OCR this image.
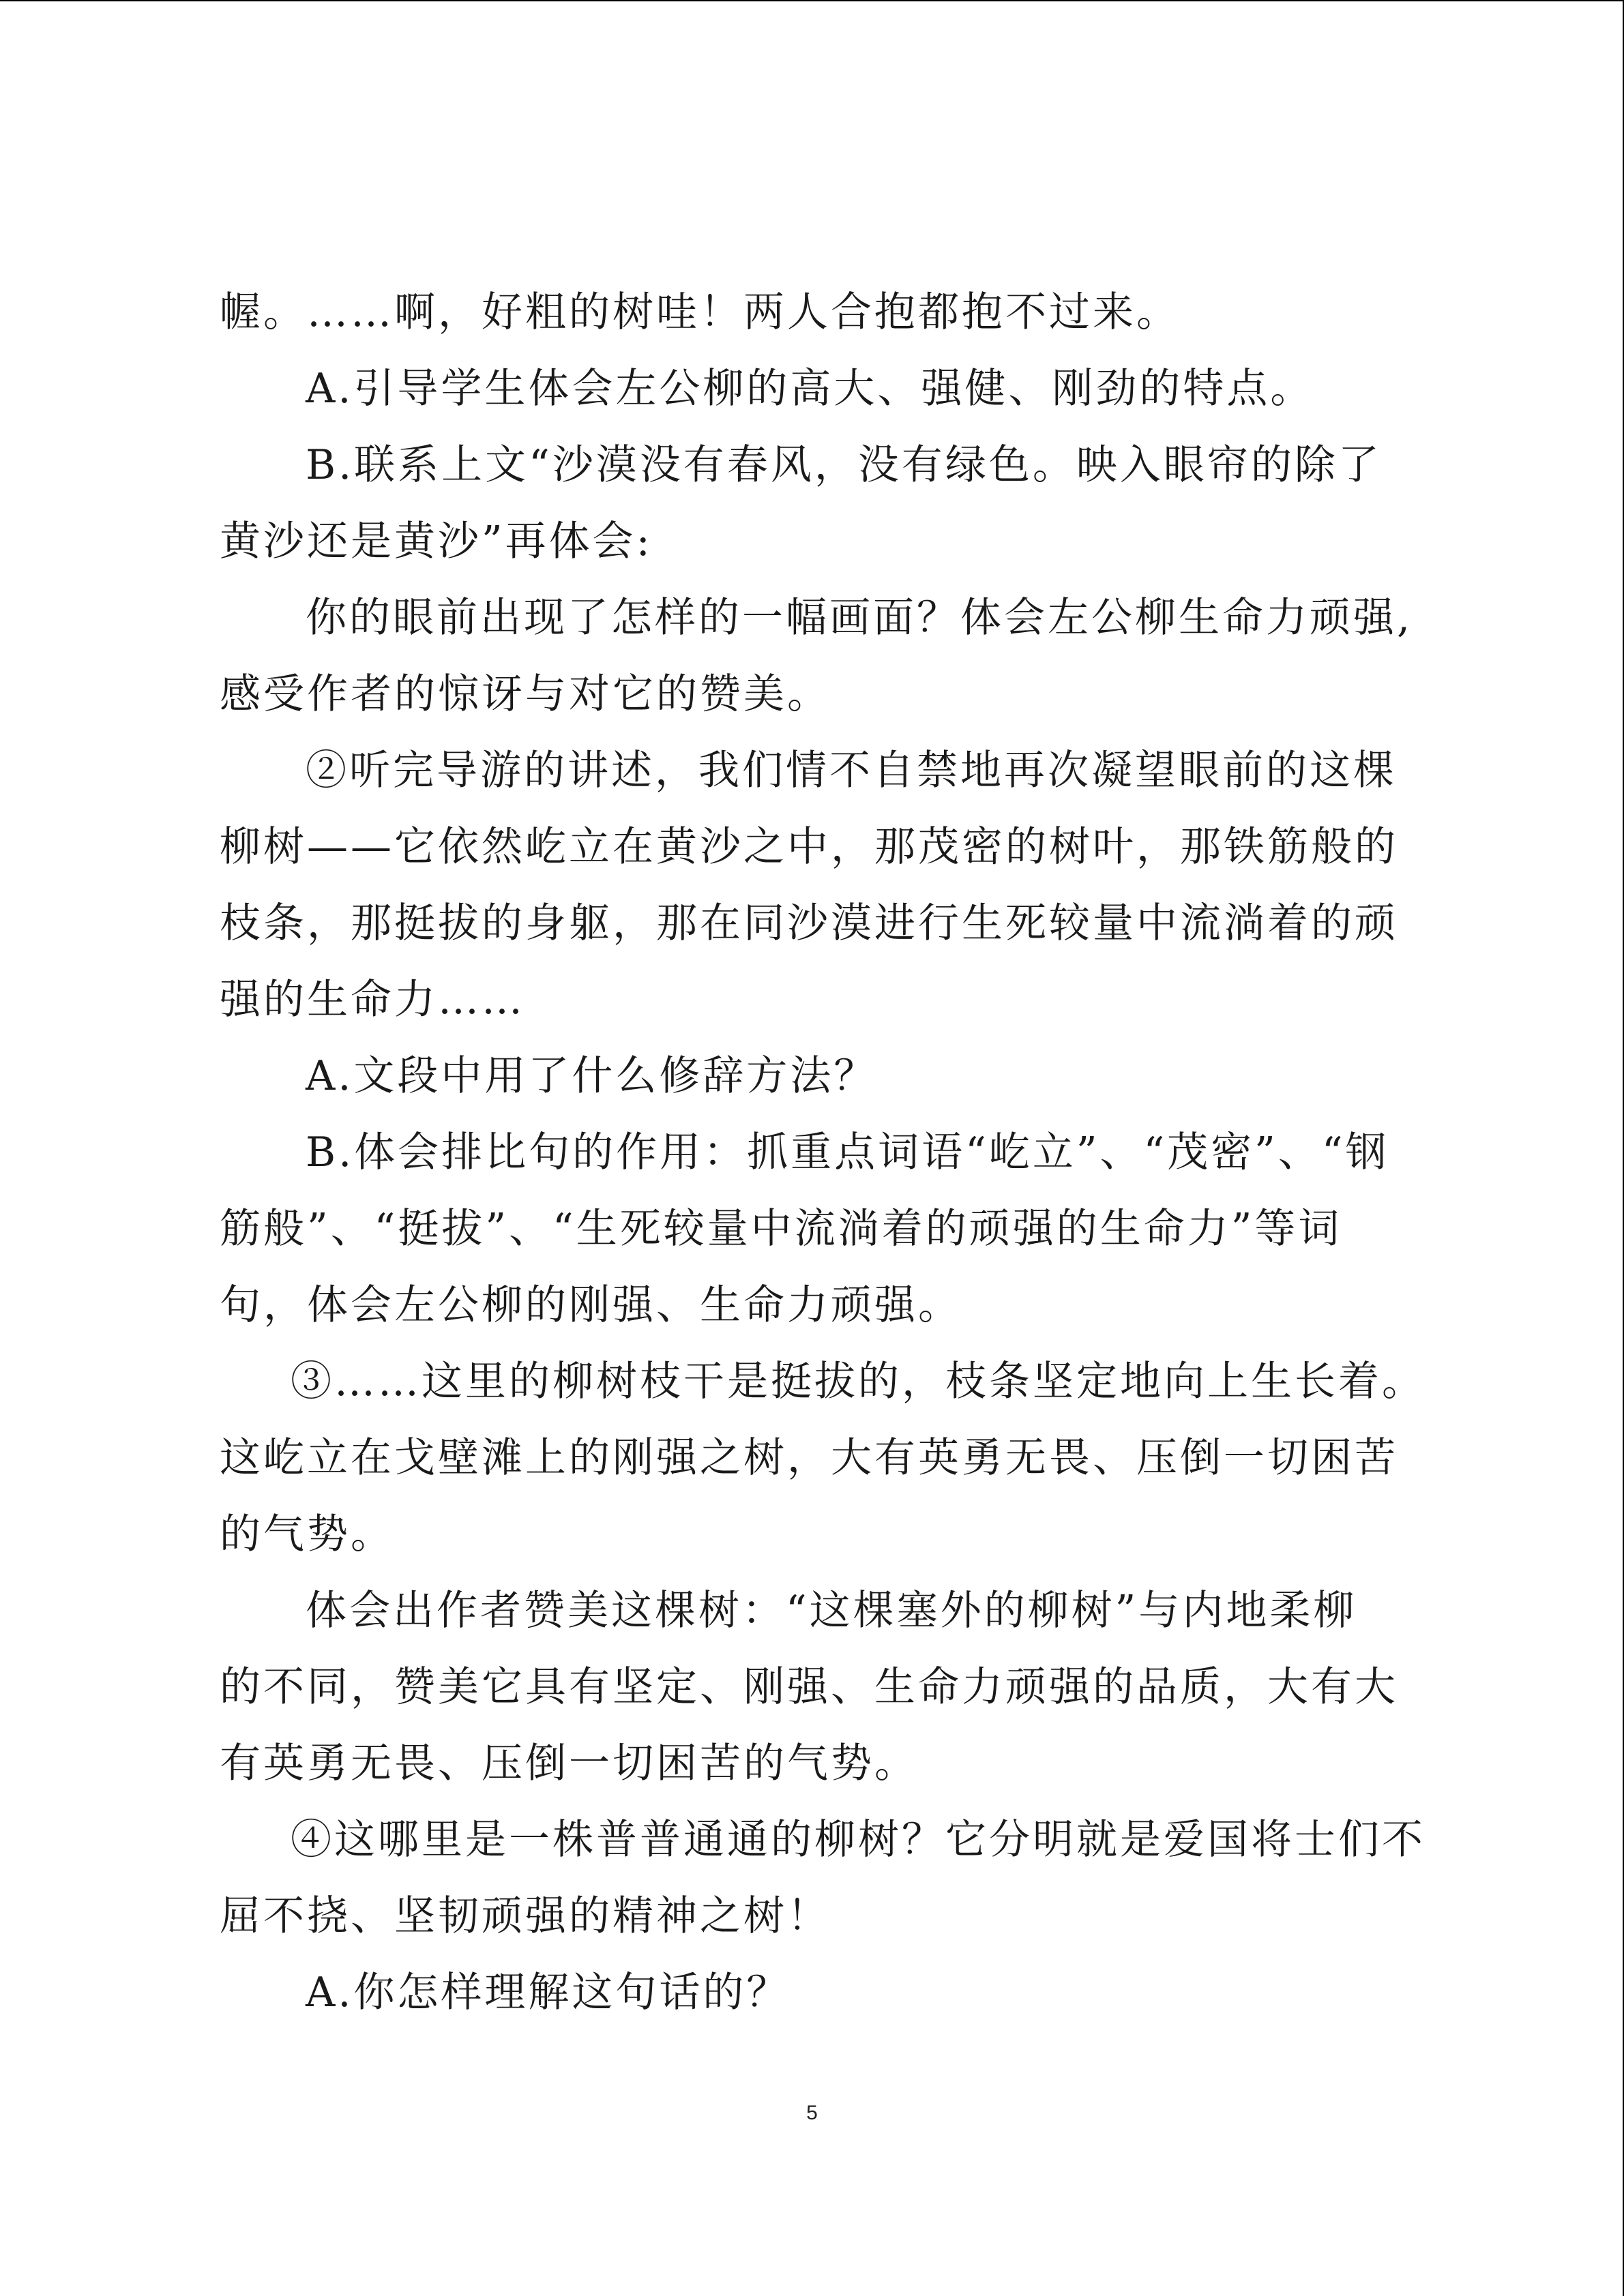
幄。……啊，好粗的树哇！两人合抱都抱不过来。
A.引导学生体会左公柳的高大、强健、刚劲的特点。
B.联系上文“沙漠没有春风，没有绿色。映入眼帘的除了
黄沙还是黄沙”再体会:
你的眼前出现了怎样的一幅画面？体会左公柳生命力顽强,
感受作者的惊讶与对它的赞美。
②听完导游的讲述，我们情不自禁地再次凝望眼前的这棵
柳树——它依然屹立在黄沙之中，那茂密的树叶，那铁筋般的
枝条，那挺拔的身躯，那在同沙漠进行生死较量中流淌着的顽
强的生命力……
A.文段中用了什么修辞方法？
B.体会排比句的作用：抓重点词语“屹立”、“茂密”、“钢
筋般”、“挺拔”、“生死较量中流淌着的顽强的生命力”等词
句，体会左公柳的刚强、生命力顽强。
③……这里的柳树枝干是挺拔的，枝条坚定地向上生长着。
这屹立在戈壁滩上的刚强之树，大有英勇无畏、压倒一切困苦
的气势。
体会出作者赞美这棵树：“这棵塞外的柳树”与内地柔柳
的不同，赞美它具有坚定、刚强、生命力顽强的品质，大有大
有英勇无畏、压倒一切困苦的气势。
④这哪里是一株普普通通的柳树？它分明就是爱国将士们不
屈不挠、坚韧顽强的精神之树！
A.你怎样理解这句话的？
5
